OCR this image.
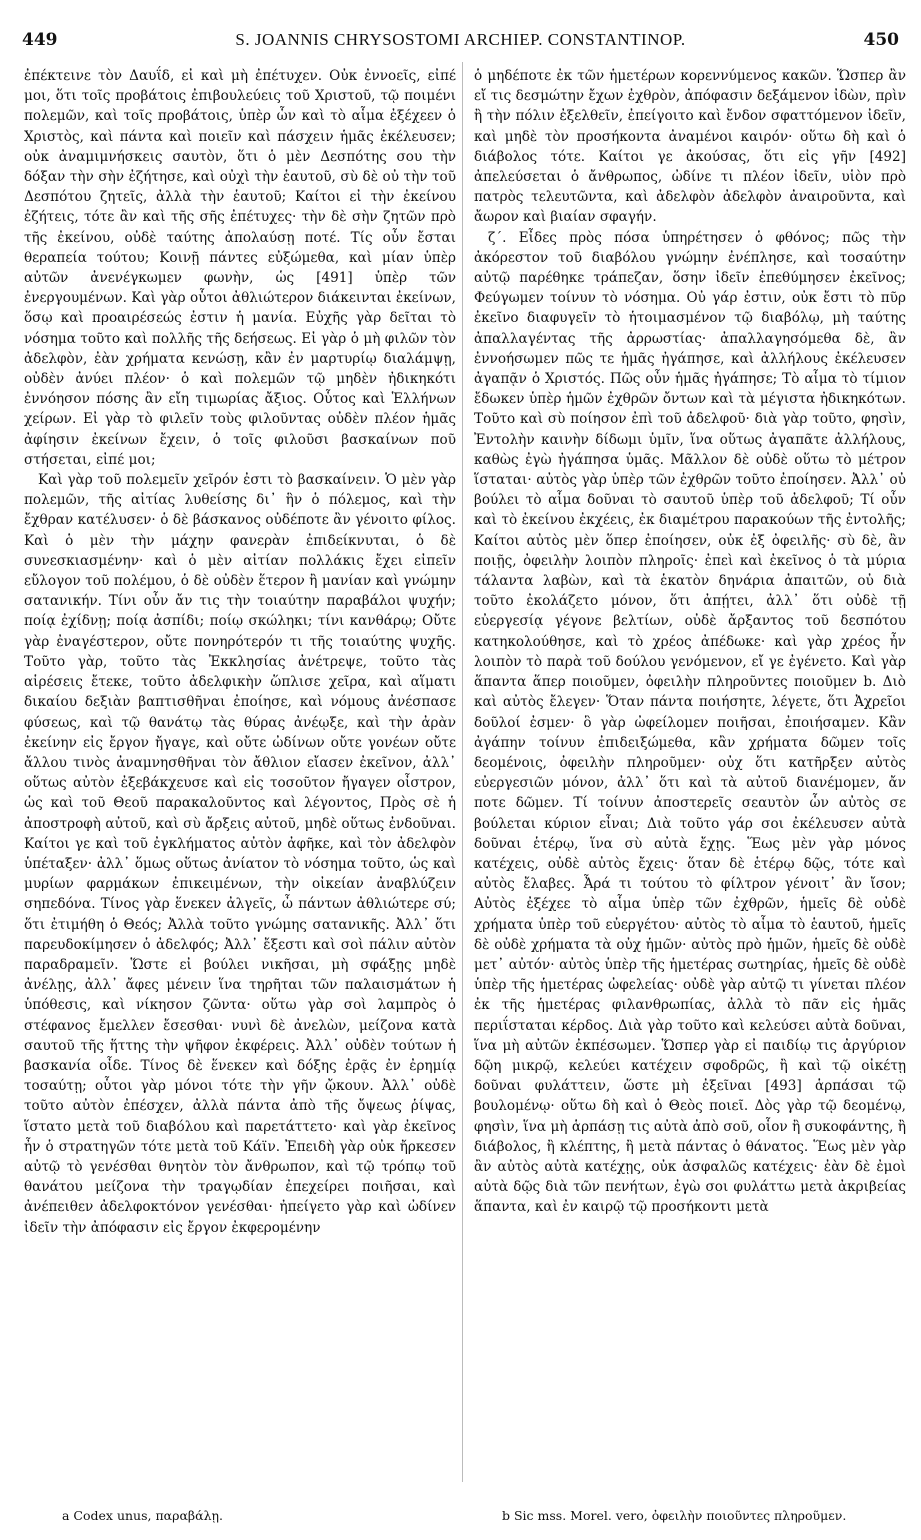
449	S. JOANNIS CHRYSOSTOMI ARCHIEP. CONSTANTINOP.	450

ἐπέκτεινε τὸν Δαυΐδ, εἰ καὶ μὴ ἐπέτυχεν. Οὐκ ἐννοεῖς, εἰπέ μοι, ὅτι τοῖς προβάτοις ἐπιβουλεύεις τοῦ Χριστοῦ, τῷ ποιμένι πολεμῶν, καὶ τοῖς προβάτοις, ὑπὲρ ὧν καὶ τὸ αἷμα ἐξέχεεν ὁ Χριστὸς, καὶ πάντα καὶ ποιεῖν καὶ πάσχειν ἡμᾶς ἐκέλευσεν; οὐκ ἀναμιμνήσκεις σαυτὸν, ὅτι ὁ μὲν Δεσπότης σου τὴν δόξαν τὴν σὴν ἐζήτησε, καὶ οὐχὶ τὴν ἑαυτοῦ, σὺ δὲ οὐ τὴν τοῦ Δεσπότου ζητεῖς, ἀλλὰ τὴν ἑαυτοῦ; Καίτοι εἰ τὴν ἐκείνου ἐζήτεις, τότε ἂν καὶ τῆς σῆς ἐπέτυχες· τὴν δὲ σὴν ζητῶν πρὸ τῆς ἐκείνου, οὐδὲ ταύτης ἀπολαύσῃ ποτέ. Τίς οὖν ἔσται θεραπεία τούτου; Κοινῇ πάντες εὐξώμεθα, καὶ μίαν ὑπὲρ αὐτῶν ἀνενέγκωμεν φωνὴν, ὡς [491] ὑπὲρ τῶν ἐνεργουμένων. Καὶ γὰρ οὗτοι ἀθλιώτερον διάκεινται ἐκείνων, ὅσῳ καὶ προαιρέσεώς ἐστιν ἡ μανία. Εὐχῆς γὰρ δεῖται τὸ νόσημα τοῦτο καὶ πολλῆς τῆς δεήσεως. Εἰ γὰρ ὁ μὴ φιλῶν τὸν ἀδελφὸν, ἐὰν χρήματα κενώσῃ, κἂν ἐν μαρτυρίῳ διαλάμψῃ, οὐδὲν ἀνύει πλέον· ὁ καὶ πολεμῶν τῷ μηδὲν ἠδικηκότι ἐννόησον πόσης ἂν εἴη τιμωρίας ἄξιος. Οὗτος καὶ Ἑλλήνων χείρων. Εἰ γὰρ τὸ φιλεῖν τοὺς φιλοῦντας οὐδὲν πλέον ἡμᾶς ἀφίησιν ἐκείνων ἔχειν, ὁ τοῖς φιλοῦσι βασκαίνων ποῦ στήσεται, εἰπέ μοι;

Καὶ γὰρ τοῦ πολεμεῖν χεῖρόν ἐστι τὸ βασκαίνειν. Ὁ μὲν γὰρ πολεμῶν, τῆς αἰτίας λυθείσης δι᾽ ἣν ὁ πόλεμος, καὶ τὴν ἔχθραν κατέλυσεν· ὁ δὲ βάσκανος οὐδέποτε ἂν γένοιτο φίλος. Καὶ ὁ μὲν τὴν μάχην φανερὰν ἐπιδείκνυται, ὁ δὲ συνεσκιασμένην· καὶ ὁ μὲν αἰτίαν πολλάκις ἔχει εἰπεῖν εὔλογον τοῦ πολέμου, ὁ δὲ οὐδὲν ἕτερον ἢ μανίαν καὶ γνώμην σατανικήν. Τίνι οὖν ἄν τις τὴν τοιαύτην παραβάλοι ψυχήν; ποίᾳ ἐχίδνῃ; ποίᾳ ἀσπίδι; ποίῳ σκώληκι; τίνι κανθάρῳ; Οὔτε γὰρ ἐναγέστερον, οὔτε πονηρότερόν τι τῆς τοιαύτης ψυχῆς. Τοῦτο γὰρ, τοῦτο τὰς Ἐκκλησίας ἀνέτρεψε, τοῦτο τὰς αἱρέσεις ἔτεκε, τοῦτο ἀδελφικὴν ὥπλισε χεῖρα, καὶ αἵματι δικαίου δεξιὰν βαπτισθῆναι ἐποίησε, καὶ νόμους ἀνέσπασε φύσεως, καὶ τῷ θανάτῳ τὰς θύρας ἀνέῳξε, καὶ τὴν ἀρὰν ἐκείνην εἰς ἔργον ἤγαγε, καὶ οὔτε ὠδίνων οὔτε γονέων οὔτε ἄλλου τινὸς ἀναμνησθῆναι τὸν ἄθλιον εἴασεν ἐκεῖνον, ἀλλ᾽ οὕτως αὐτὸν ἐξεβάκχευσε καὶ εἰς τοσοῦτον ἤγαγεν οἶστρον, ὡς καὶ τοῦ Θεοῦ παρακαλοῦντος καὶ λέγοντος, Πρὸς σὲ ἡ ἀποστροφὴ αὐτοῦ, καὶ σὺ ἄρξεις αὐτοῦ, μηδὲ οὕτως ἐνδοῦναι. Καίτοι γε καὶ τοῦ ἐγκλήματος αὐτὸν ἀφῆκε, καὶ τὸν ἀδελφὸν ὑπέταξεν· ἀλλ᾽ ὅμως οὕτως ἀνίατον τὸ νόσημα τοῦτο, ὡς καὶ μυρίων φαρμάκων ἐπικειμένων, τὴν οἰκείαν ἀναβλύζειν σηπεδόνα. Τίνος γὰρ ἕνεκεν ἀλγεῖς, ὦ πάντων ἀθλιώτερε σύ; ὅτι ἐτιμήθη ὁ Θεός; Ἀλλὰ τοῦτο γνώμης σατανικῆς. Ἀλλ᾽ ὅτι παρευδοκίμησεν ὁ ἀδελφός; Ἀλλ᾽ ἔξεστι καὶ σοὶ πάλιν αὐτὸν παραδραμεῖν. Ὥστε εἰ βούλει νικῆσαι, μὴ σφάξῃς μηδὲ ἀνέλῃς, ἀλλ᾽ ἄφες μένειν ἵνα τηρῆται τῶν παλαισμάτων ἡ ὑπόθεσις, καὶ νίκησον ζῶντα· οὕτω γὰρ σοὶ λαμπρὸς ὁ στέφανος ἔμελλεν ἔσεσθαι· νυνὶ δὲ ἀνελὼν, μείζονα κατὰ σαυτοῦ τῆς ἥττης τὴν ψῆφον ἐκφέρεις. Ἀλλ᾽ οὐδὲν τούτων ἡ βασκανία οἶδε. Τίνος δὲ ἕνεκεν καὶ δόξης ἐρᾷς ἐν ἐρημίᾳ τοσαύτῃ; οὗτοι γὰρ μόνοι τότε τὴν γῆν ᾤκουν. Ἀλλ᾽ οὐδὲ τοῦτο αὐτὸν ἐπέσχεν, ἀλλὰ πάντα ἀπὸ τῆς ὄψεως ῥίψας, ἵστατο μετὰ τοῦ διαβόλου καὶ παρετάττετο· καὶ γὰρ ἐκεῖνος ἦν ὁ στρατηγῶν τότε μετὰ τοῦ Κάϊν. Ἐπειδὴ γὰρ οὐκ ἤρκεσεν αὐτῷ τὸ γενέσθαι θνητὸν τὸν ἄνθρωπον, καὶ τῷ τρόπῳ τοῦ θανάτου μείζονα τὴν τραγῳδίαν ἐπεχείρει ποιῆσαι, καὶ ἀνέπειθεν ἀδελφοκτόνον γενέσθαι· ἠπείγετο γὰρ καὶ ὠδίνεν ἰδεῖν τὴν ἀπόφασιν εἰς ἔργον ἐκφερομένην

ὁ μηδέποτε ἐκ τῶν ἡμετέρων κορεννύμενος κακῶν. Ὥσπερ ἂν εἴ τις δεσμώτην ἔχων ἐχθρὸν, ἀπόφασιν δεξάμενον ἰδὼν, πρὶν ἢ τὴν πόλιν ἐξελθεῖν, ἐπείγοιτο καὶ ἔνδον σφαττόμενον ἰδεῖν, καὶ μηδὲ τὸν προσήκοντα ἀναμένοι καιρόν· οὕτω δὴ καὶ ὁ διάβολος τότε. Καίτοι γε ἀκούσας, ὅτι εἰς γῆν [492] ἀπελεύσεται ὁ ἄνθρωπος, ὠδίνε τι πλέον ἰδεῖν, υἱὸν πρὸ πατρὸς τελευτῶντα, καὶ ἀδελφὸν ἀδελφὸν ἀναιροῦντα, καὶ ἄωρον καὶ βιαίαν σφαγήν.

ζ΄. Εἶδες πρὸς πόσα ὑπηρέτησεν ὁ φθόνος; πῶς τὴν ἀκόρεστον τοῦ διαβόλου γνώμην ἐνέπλησε, καὶ τοσαύτην αὐτῷ παρέθηκε τράπεζαν, ὅσην ἰδεῖν ἐπεθύμησεν ἐκεῖνος; Φεύγωμεν τοίνυν τὸ νόσημα. Οὐ γάρ ἐστιν, οὐκ ἔστι τὸ πῦρ ἐκεῖνο διαφυγεῖν τὸ ἡτοιμασμένον τῷ διαβόλῳ, μὴ ταύτης ἀπαλλαγέντας τῆς ἀρρωστίας· ἀπαλλαγησόμεθα δὲ, ἂν ἐννοήσωμεν πῶς τε ἡμᾶς ἠγάπησε, καὶ ἀλλήλους ἐκέλευσεν ἀγαπᾷν ὁ Χριστός. Πῶς οὖν ἡμᾶς ἠγάπησε; Τὸ αἷμα τὸ τίμιον ἔδωκεν ὑπὲρ ἡμῶν ἐχθρῶν ὄντων καὶ τὰ μέγιστα ἠδικηκότων. Τοῦτο καὶ σὺ ποίησον ἐπὶ τοῦ ἀδελφοῦ· διὰ γὰρ τοῦτο, φησὶν, Ἐντολὴν καινὴν δίδωμι ὑμῖν, ἵνα οὕτως ἀγαπᾶτε ἀλλήλους, καθὼς ἐγὼ ἠγάπησα ὑμᾶς. Μᾶλλον δὲ οὐδὲ οὕτω τὸ μέτρον ἵσταται· αὐτὸς γὰρ ὑπὲρ τῶν ἐχθρῶν τοῦτο ἐποίησεν. Ἀλλ᾽ οὐ βούλει τὸ αἷμα δοῦναι τὸ σαυτοῦ ὑπὲρ τοῦ ἀδελφοῦ; Τί οὖν καὶ τὸ ἐκείνου ἐκχέεις, ἐκ διαμέτρου παρακούων τῆς ἐντολῆς; Καίτοι αὐτὸς μὲν ὅπερ ἐποίησεν, οὐκ ἐξ ὀφειλῆς· σὺ δὲ, ἂν ποιῇς, ὀφειλὴν λοιπὸν πληροῖς· ἐπεὶ καὶ ἐκεῖνος ὁ τὰ μύρια τάλαντα λαβὼν, καὶ τὰ ἑκατὸν δηνάρια ἀπαιτῶν, οὐ διὰ τοῦτο ἐκολάζετο μόνον, ὅτι ἀπῄτει, ἀλλ᾽ ὅτι οὐδὲ τῇ εὐεργεσίᾳ γέγονε βελτίων, οὐδὲ ἄρξαντος τοῦ δεσπότου κατηκολούθησε, καὶ τὸ χρέος ἀπέδωκε· καὶ γὰρ χρέος ἦν λοιπὸν τὸ παρὰ τοῦ δούλου γενόμενον, εἴ γε ἐγένετο. Καὶ γὰρ ἅπαντα ἅπερ ποιοῦμεν, ὀφειλὴν πληροῦντες ποιοῦμεν b. Διὸ καὶ αὐτὸς ἔλεγεν· Ὅταν πάντα ποιήσητε, λέγετε, ὅτι Ἀχρεῖοι δοῦλοί ἐσμεν· ὃ γὰρ ὠφείλομεν ποιῆσαι, ἐποιήσαμεν. Κἂν ἀγάπην τοίνυν ἐπιδειξώμεθα, κἂν χρήματα δῶμεν τοῖς δεομένοις, ὀφειλὴν πληροῦμεν· οὐχ ὅτι κατῆρξεν αὐτὸς εὐεργεσιῶν μόνον, ἀλλ᾽ ὅτι καὶ τὰ αὐτοῦ διανέμομεν, ἄν ποτε δῶμεν. Τί τοίνυν ἀποστερεῖς σεαυτὸν ὧν αὐτὸς σε βούλεται κύριον εἶναι; Διὰ τοῦτο γάρ σοι ἐκέλευσεν αὐτὰ δοῦναι ἑτέρῳ, ἵνα σὺ αὐτὰ ἔχῃς. Ἕως μὲν γὰρ μόνος κατέχεις, οὐδὲ αὐτὸς ἔχεις· ὅταν δὲ ἑτέρῳ δῷς, τότε καὶ αὐτὸς ἔλαβες. Ἆρά τι τούτου τὸ φίλτρον γένοιτ᾽ ἂν ἴσον; Αὐτὸς ἐξέχεε τὸ αἷμα ὑπὲρ τῶν ἐχθρῶν, ἡμεῖς δὲ οὐδὲ χρήματα ὑπὲρ τοῦ εὐεργέτου· αὐτὸς τὸ αἷμα τὸ ἑαυτοῦ, ἡμεῖς δὲ οὐδὲ χρήματα τὰ οὐχ ἡμῶν· αὐτὸς πρὸ ἡμῶν, ἡμεῖς δὲ οὐδὲ μετ᾽ αὐτόν· αὐτὸς ὑπὲρ τῆς ἡμετέρας σωτηρίας, ἡμεῖς δὲ οὐδὲ ὑπὲρ τῆς ἡμετέρας ὠφελείας· οὐδὲ γὰρ αὐτῷ τι γίνεται πλέον ἐκ τῆς ἡμετέρας φιλανθρωπίας, ἀλλὰ τὸ πᾶν εἰς ἡμᾶς περιΐσταται κέρδος. Διὰ γὰρ τοῦτο καὶ κελεύσει αὐτὰ δοῦναι, ἵνα μὴ αὐτῶν ἐκπέσωμεν. Ὥσπερ γὰρ εἰ παιδίῳ τις ἀργύριον δῷη μικρῷ, κελεύει κατέχειν σφοδρῶς, ἢ καὶ τῷ οἰκέτῃ δοῦναι φυλάττειν, ὥστε μὴ ἐξεῖναι [493] ἁρπάσαι τῷ βουλομένῳ· οὕτω δὴ καὶ ὁ Θεὸς ποιεῖ. Δὸς γὰρ τῷ δεομένῳ, φησὶν, ἵνα μὴ ἁρπάσῃ τις αὐτὰ ἀπὸ σοῦ, οἷον ἢ συκοφάντης, ἢ διάβολος, ἢ κλέπτης, ἢ μετὰ πάντας ὁ θάνατος. Ἕως μὲν γὰρ ἂν αὐτὸς αὐτὰ κατέχῃς, οὐκ ἀσφαλῶς κατέχεις· ἐὰν δὲ ἐμοὶ αὐτὰ δῷς διὰ τῶν πενήτων, ἐγὼ σοι φυλάττω μετὰ ἀκριβείας ἅπαντα, καὶ ἐν καιρῷ τῷ προσήκοντι μετὰ

a Codex unus, παραβάλῃ.	b Sic mss. Morel. vero, ὀφειλὴν ποιοῦντες πληροῦμεν.
